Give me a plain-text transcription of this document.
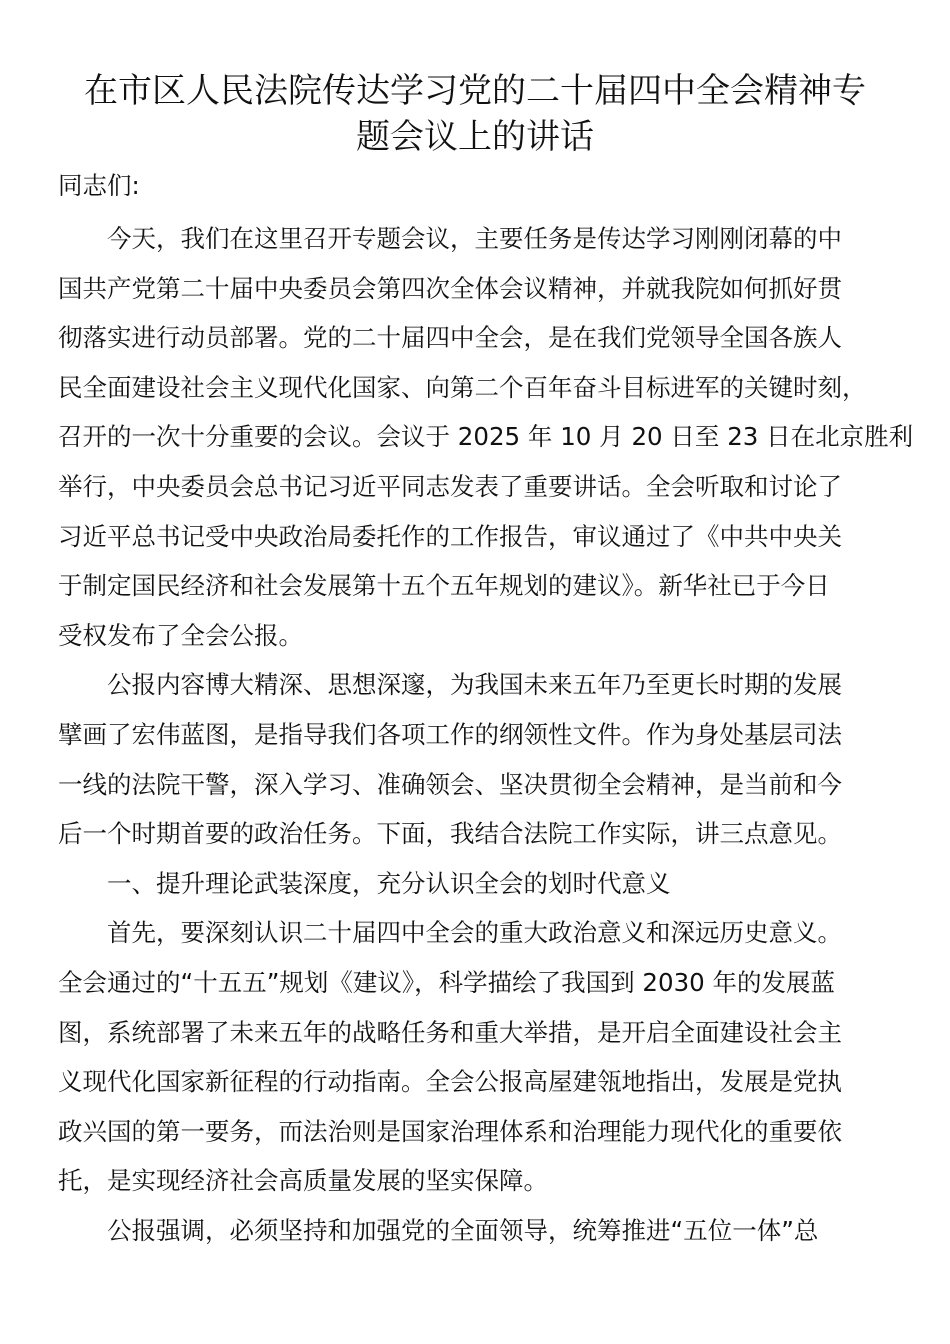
在市区人民法院传达学习党的二十届四中全会精神专
题会议上的讲话
同志们:
今天，我们在这里召开专题会议，主要任务是传达学习刚刚闭幕的中
国共产党第二十届中央委员会第四次全体会议精神，并就我院如何抓好贯
彻落实进行动员部署。党的二十届四中全会，是在我们党领导全国各族人
民全面建设社会主义现代化国家、向第二个百年奋斗目标进军的关键时刻，
召开的一次十分重要的会议。会议于 2025 年 10 月 20 日至 23 日在北京胜利
举行，中央委员会总书记习近平同志发表了重要讲话。全会听取和讨论了
习近平总书记受中央政治局委托作的工作报告，审议通过了《中共中央关
于制定国民经济和社会发展第十五个五年规划的建议》。新华社已于今日
受权发布了全会公报。
公报内容博大精深、思想深邃，为我国未来五年乃至更长时期的发展
擘画了宏伟蓝图，是指导我们各项工作的纲领性文件。作为身处基层司法
一线的法院干警，深入学习、准确领会、坚决贯彻全会精神，是当前和今
后一个时期首要的政治任务。下面，我结合法院工作实际，讲三点意见。
一、提升理论武装深度，充分认识全会的划时代意义
首先，要深刻认识二十届四中全会的重大政治意义和深远历史意义。
全会通过的“十五五”规划《建议》，科学描绘了我国到 2030 年的发展蓝
图，系统部署了未来五年的战略任务和重大举措，是开启全面建设社会主
义现代化国家新征程的行动指南。全会公报高屋建瓴地指出，发展是党执
政兴国的第一要务，而法治则是国家治理体系和治理能力现代化的重要依
托，是实现经济社会高质量发展的坚实保障。
公报强调，必须坚持和加强党的全面领导，统筹推进“五位一体”总
